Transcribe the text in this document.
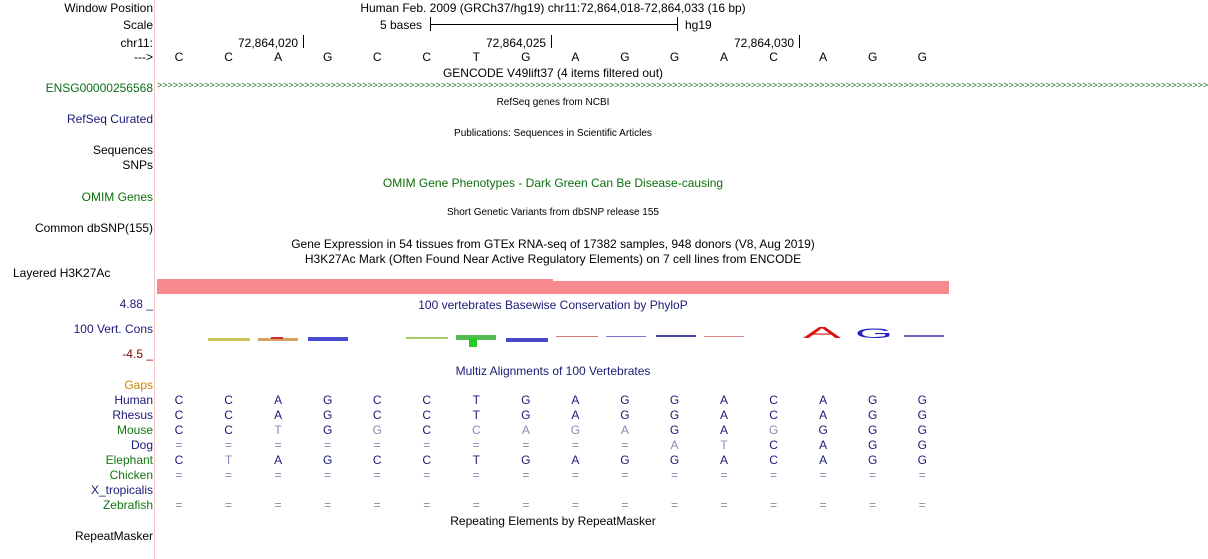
Window Position
Scale
chr11:
--->
Human Feb. 2009 (GRCh37/hg19) chr11:72,864,018-72,864,033 (16 bp)
5 bases	hg19
72,864,020	72,864,025	72,864,030
C	C	A	G	C	C	T	G	A	G	G	A	C	A	G	G
GENCODE V49lift37 (4 items filtered out)
ENSG00000256568 >>>>>>>>>>>>>>>>>>>>>>>>>>>>>>>>>>>>>>>>>>>>>>>>>>>>>>>>>>>>>>>>>>>>>>>>>>>>>>>>>>>>>>>>>>>>>>>>>>>>>>>>>>>>>>>>>>>>>>>>>>>>>>>>>>>>>>>>>>>>>>>>>>>>>>>>>>>>>>>>>>>>>>>>>>>>>>>>>>>>>>>>>>>>>>>>>>>>>>>>
RefSeq genes from NCBI
RefSeq Curated
Publications: Sequences in Scientific Articles
Sequences
SNPs
OMIM Gene Phenotypes - Dark Green Can Be Disease-causing
OMIM Genes
Short Genetic Variants from dbSNP release 155
Common dbSNP(155)
Gene Expression in 54 tissues from GTEx RNA-seq of 17382 samples, 948 donors (V8, Aug 2019)
H3K27Ac Mark (Often Found Near Active Regulatory Elements) on 7 cell lines from ENCODE
Layered H3K27Ac
4.88 _	100 vertebrates Basewise Conservation by PhyloP
100 Vert. Cons
-4.5 _
A G
Multiz Alignments of 100 Vertebrates
Gaps
Human	C	C	A	G	C	C	T	G	A	G	G	A	C	A	G	G
Rhesus	C	C	A	G	C	C	T	G	A	G	G	A	C	A	G	G
Mouse	C	C	T	G	G	C	C	A	G	A	G	A	G	G	G	G
Dog	=	=	=	=	=	=	=	=	=	=	A	T	C	A	G	G
Elephant	C	T	A	G	C	C	T	G	A	G	G	A	C	A	G	G
Chicken	=	=	=	=	=	=	=	=	=	=	=	=	=	=	=	=
X_tropicalis
Zebrafish	=	=	=	=	=	=	=	=	=	=	=	=	=	=	=	=
Repeating Elements by RepeatMasker
RepeatMasker
